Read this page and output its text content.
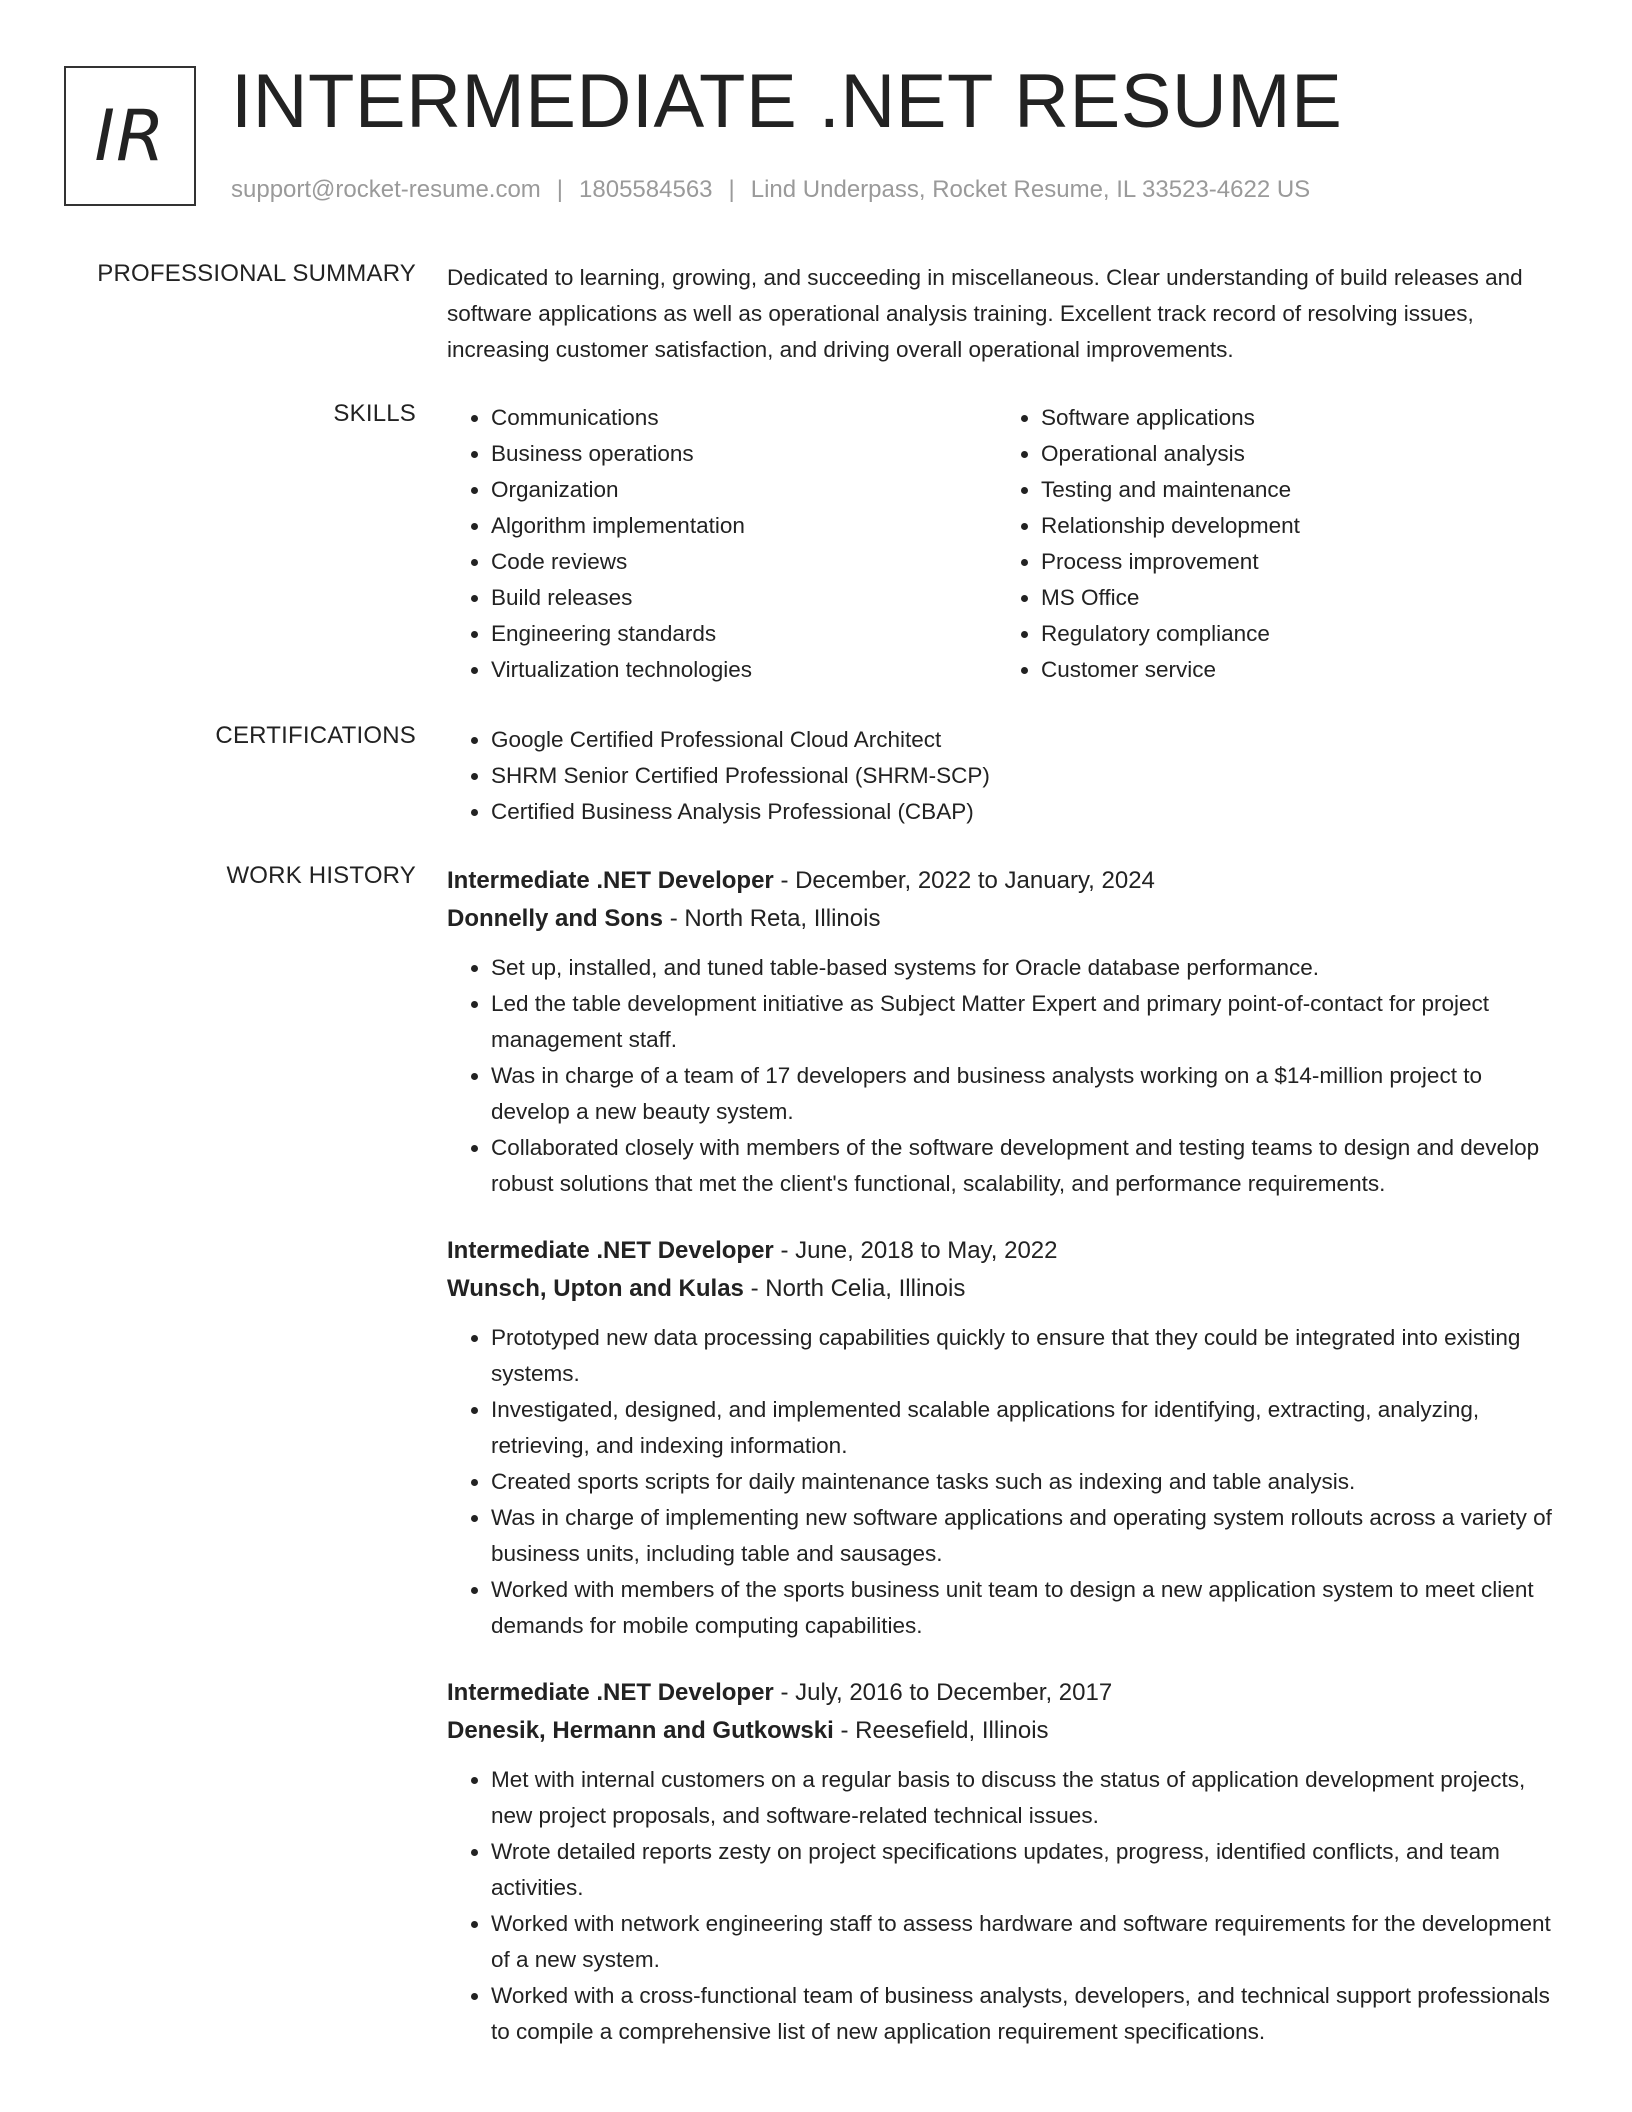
IR INTERMEDIATE .NET RESUME
support@rocket-resume.com | 1805584563 | Lind Underpass, Rocket Resume, IL 33523-4622 US
PROFESSIONAL SUMMARY Dedicated to learning, growing, and succeeding in miscellaneous. Clear understanding of build releases and software applications as well as operational analysis training. Excellent track record of resolving issues, increasing customer satisfaction, and driving overall operational improvements.

SKILLS	• Communications
• Business operations
• Organization
• Algorithm implementation
• Code reviews
• Build releases
• Engineering standards
• Virtualization technologies
• Software applications
• Operational analysis
• Testing and maintenance
• Relationship development
• Process improvement
• MS Office
• Regulatory compliance
• Customer service
CERTIFICATIONS	• Google Certified Professional Cloud Architect
• SHRM Senior Certified Professional (SHRM-SCP)
• Certified Business Analysis Professional (CBAP)
WORK HISTORY Intermediate .NET Developer - December, 2022 to January, 2024
Donnelly and Sons - North Reta, Illinois
• Set up, installed, and tuned table-based systems for Oracle database performance.
• Led the table development initiative as Subject Matter Expert and primary point-of-contact for project management staff.
• Was in charge of a team of 17 developers and business analysts working on a $14-million project to develop a new beauty system.
• Collaborated closely with members of the software development and testing teams to design and develop robust solutions that met the client's functional, scalability, and performance requirements.
Intermediate .NET Developer - June, 2018 to May, 2022
Wunsch, Upton and Kulas - North Celia, Illinois
• Prototyped new data processing capabilities quickly to ensure that they could be integrated into existing systems.
• Investigated, designed, and implemented scalable applications for identifying, extracting, analyzing, retrieving, and indexing information.
• Created sports scripts for daily maintenance tasks such as indexing and table analysis.
• Was in charge of implementing new software applications and operating system rollouts across a variety of business units, including table and sausages.
• Worked with members of the sports business unit team to design a new application system to meet client demands for mobile computing capabilities.
Intermediate .NET Developer - July, 2016 to December, 2017
Denesik, Hermann and Gutkowski - Reesefield, Illinois
• Met with internal customers on a regular basis to discuss the status of application development projects, new project proposals, and software-related technical issues.
• Wrote detailed reports zesty on project specifications updates, progress, identified conflicts, and team activities.
• Worked with network engineering staff to assess hardware and software requirements for the development of a new system.
• Worked with a cross-functional team of business analysts, developers, and technical support professionals to compile a comprehensive list of new application requirement specifications.
